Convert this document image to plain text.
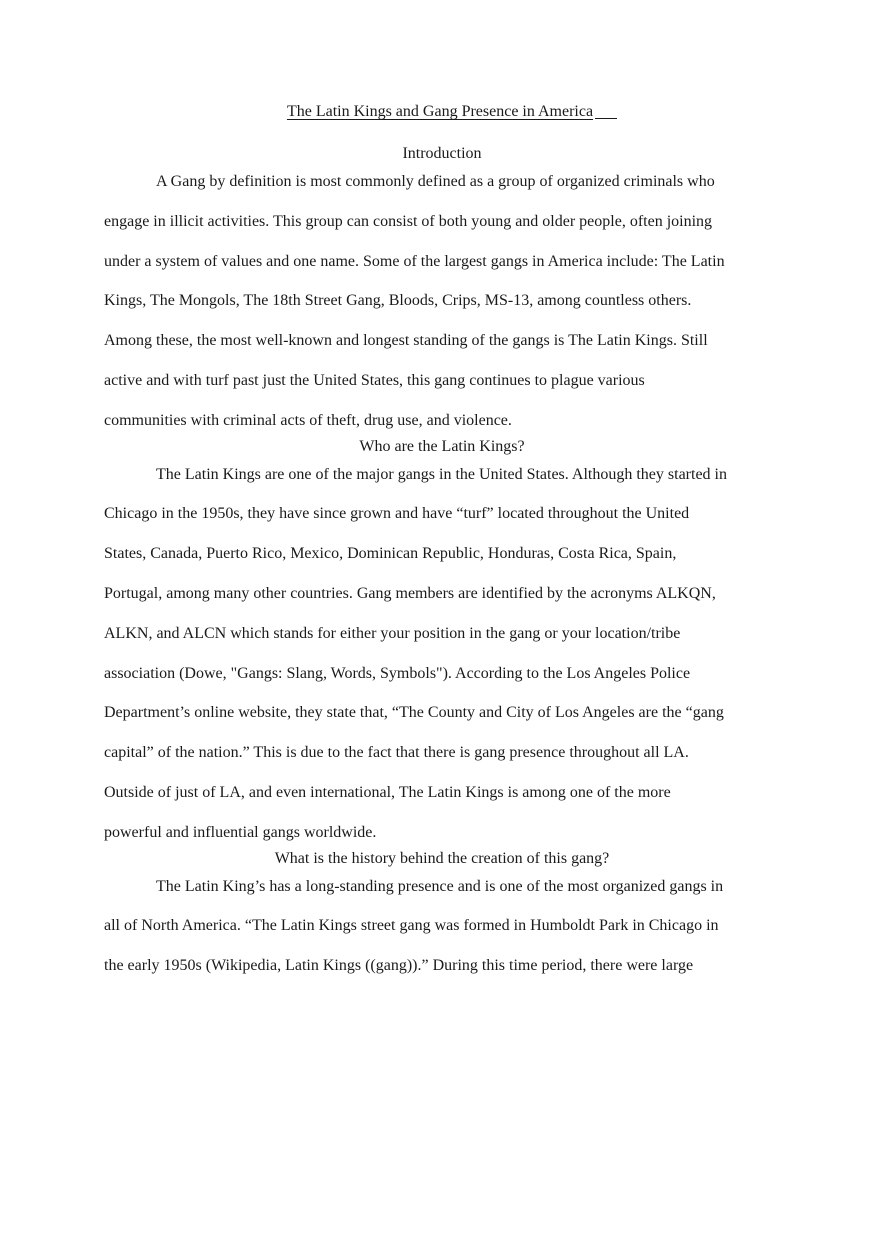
The Latin Kings and Gang Presence in America
Introduction
A Gang by definition is most commonly defined as a group of organized criminals who
engage in illicit activities. This group can consist of both young and older people, often joining
under a system of values and one name. Some of the largest gangs in America include: The Latin
Kings, The Mongols, The 18th Street Gang, Bloods, Crips, MS-13, among countless others.
Among these, the most well-known and longest standing of the gangs is The Latin Kings. Still
active and with turf past just the United States, this gang continues to plague various
communities with criminal acts of theft, drug use, and violence.
Who are the Latin Kings?
The Latin Kings are one of the major gangs in the United States. Although they started in
Chicago in the 1950s, they have since grown and have “turf” located throughout the United
States, Canada, Puerto Rico, Mexico, Dominican Republic, Honduras, Costa Rica, Spain,
Portugal, among many other countries. Gang members are identified by the acronyms ALKQN,
ALKN, and ALCN which stands for either your position in the gang or your location/tribe
association (Dowe, "Gangs: Slang, Words, Symbols"). According to the Los Angeles Police
Department’s online website, they state that, “The County and City of Los Angeles are the “gang
capital” of the nation.” This is due to the fact that there is gang presence throughout all LA.
Outside of just of LA, and even international, The Latin Kings is among one of the more
powerful and influential gangs worldwide.
What is the history behind the creation of this gang?
The Latin King’s has a long-standing presence and is one of the most organized gangs in
all of North America. “The Latin Kings street gang was formed in Humboldt Park in Chicago in
the early 1950s (Wikipedia, Latin Kings ((gang)).” During this time period, there were large
